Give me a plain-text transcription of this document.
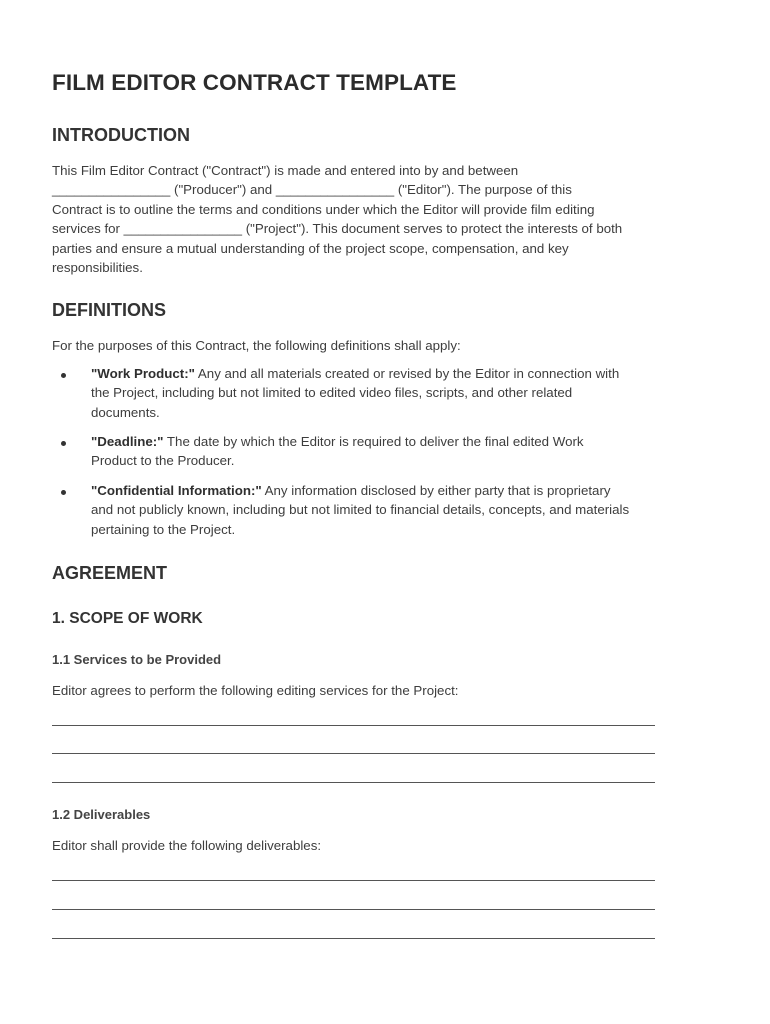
FILM EDITOR CONTRACT TEMPLATE
INTRODUCTION
This Film Editor Contract ("Contract") is made and entered into by and between
________________ ("Producer") and ________________ ("Editor"). The purpose of this
Contract is to outline the terms and conditions under which the Editor will provide film editing
services for ________________ ("Project"). This document serves to protect the interests of both
parties and ensure a mutual understanding of the project scope, compensation, and key
responsibilities.
DEFINITIONS
For the purposes of this Contract, the following definitions shall apply:
"Work Product:" Any and all materials created or revised by the Editor in connection with
the Project, including but not limited to edited video files, scripts, and other related
documents.
"Deadline:" The date by which the Editor is required to deliver the final edited Work
Product to the Producer.
"Confidential Information:" Any information disclosed by either party that is proprietary
and not publicly known, including but not limited to financial details, concepts, and materials
pertaining to the Project.
AGREEMENT
1. SCOPE OF WORK
1.1 Services to be Provided
Editor agrees to perform the following editing services for the Project:
1.2 Deliverables
Editor shall provide the following deliverables:
